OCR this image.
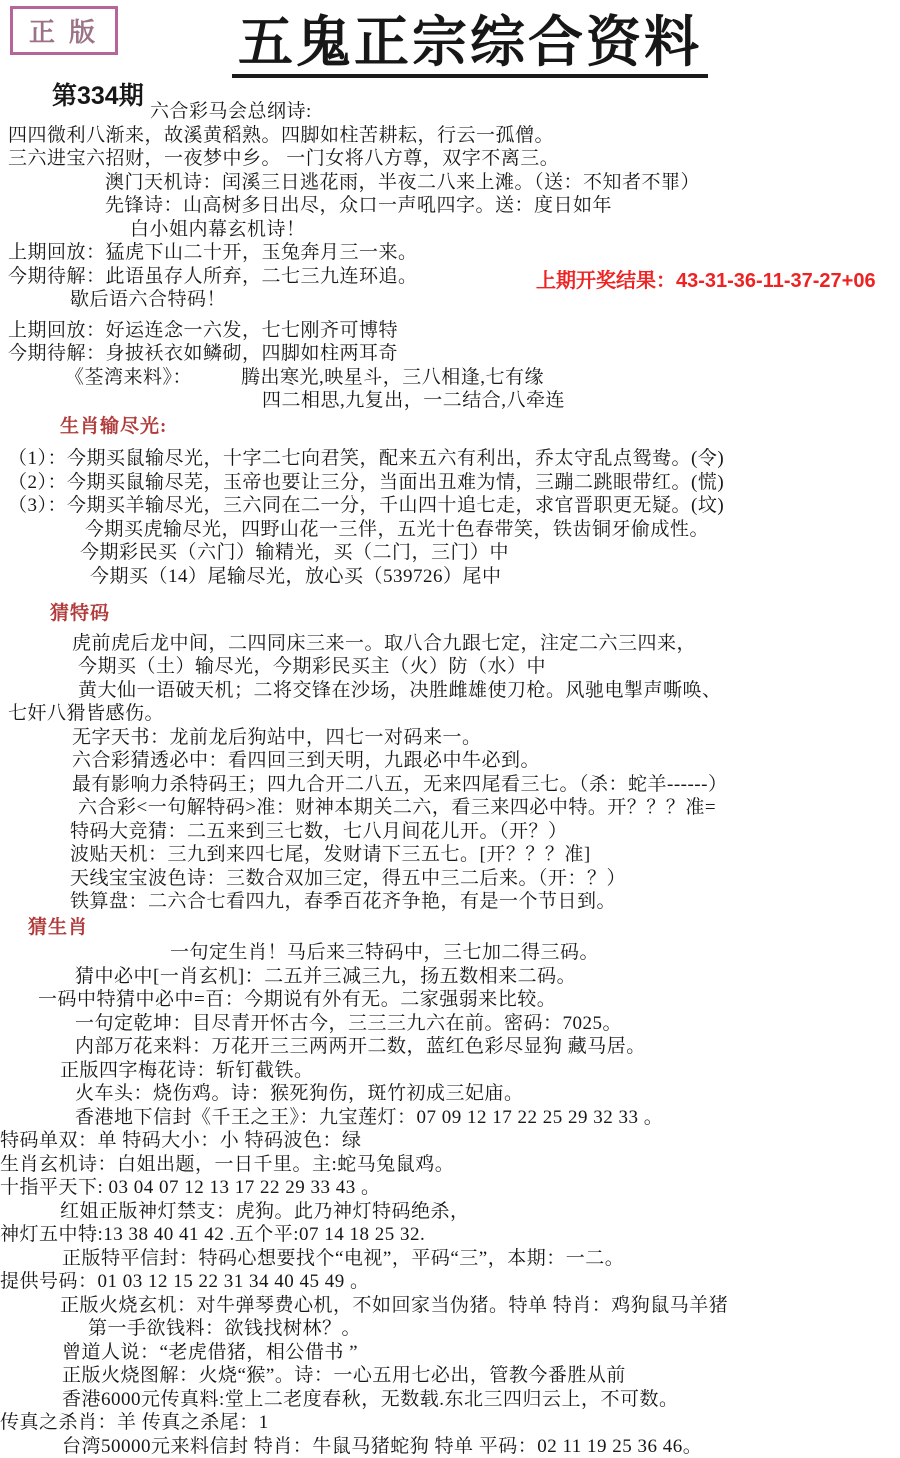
正版	五鬼正宗综合资料
第334期
上期开奖结果：43-31-36-11-37-27+06
六合彩马会总纲诗:
四四微利八渐来，故溪黄稻熟。四脚如柱苦耕耘，行云一孤僧。
三六进宝六招财，一夜梦中乡。 一门女将八方尊，双字不离三。
澳门天机诗：闰溪三日逃花雨，半夜二八来上滩。（送：不知者不罪）
先锋诗：山高树多日出尽，众口一声吼四字。送：度日如年
白小姐内幕玄机诗！
上期回放：猛虎下山二十开，玉兔奔月三一来。
今期待解：此语虽存人所弃，二七三九连环追。
歇后语六合特码！
上期回放：好运连念一六发，七七刚齐可博特
今期待解：身披袄衣如鳞砌，四脚如柱两耳奇
《荃湾来料》：　　　腾出寒光,映星斗，三八相逢,七有缘
四二相思,九复出，一二结合,八牵连
生肖输尽光:
（1）：今期买鼠输尽光，十字二七向君笑，配来五六有利出，乔太守乱点鸳鸯。(令)
（2）：今期买鼠输尽芜，玉帝也要让三分，当面出丑难为情，三蹦二跳眼带红。(慌)
（3）：今期买羊输尽光，三六同在二一分，千山四十追七走，求官晋职更无疑。(坟)
今期买虎输尽光，四野山花一三伴，五光十色春带笑，铁齿铜牙偷成性。
今期彩民买（六门）输精光，买（二门，三门）中
今期买（14）尾输尽光，放心买（539726）尾中
猜特码
虎前虎后龙中间，二四同床三来一。取八合九跟七定，注定二六三四来，
今期买（土）输尽光，今期彩民买主（火）防（水）中
黄大仙一语破天机；二将交锋在沙场，决胜雌雄使刀枪。风驰电掣声嘶唤、
七奸八猾皆感伤。
无字天书：龙前龙后狗站中，四七一对码来一。
六合彩猜透必中：看四回三到天明，九跟必中牛必到。
最有影响力杀特码王；四九合开二八五，无来四尾看三七。（杀：蛇羊------）
六合彩<一句解特码>准：财神本期关二六，看三来四必中特。开？？？准=
特码大竞猜：二五来到三七数，七八月间花儿开。（开？）
波贴天机：三九到来四七尾，发财请下三五七。[开？？？准]
天线宝宝波色诗：三数合双加三定，得五中三二后来。（开：？）
铁算盘：二六合七看四九，春季百花齐争艳，有是一个节日到。
猜生肖
一句定生肖！马后来三特码中，三七加二得三码。
猜中必中[一肖玄机]：二五并三减三九，扬五数相来二码。
一码中特猜中必中=百：今期说有外有无。二家强弱来比较。
一句定乾坤：目尽青开怀古今，三三三九六在前。密码：7025。
内部万花来料：万花开三三两两开二数，蓝红色彩尽显狗 藏马居。
正版四字梅花诗：斩钉截铁。
火车头：烧伤鸡。诗：猴死狗伤，斑竹初成三妃庙。
香港地下信封《千王之王》：九宝莲灯：07 09 12 17 22 25 29 32 33 。
特码单双：单 特码大小：小 特码波色：绿
生肖玄机诗：白姐出题，一日千里。主:蛇马兔鼠鸡。
十指平天下: 03 04 07 12 13 17 22 29 33 43 。
红姐正版神灯禁支：虎狗。此乃神灯特码绝杀，
神灯五中特:13 38 40 41 42 .五个平:07 14 18 25 32.
正版特平信封：特码心想要找个“电视”，平码“三”，本期：一二。
提供号码：01 03 12 15 22 31 34 40 45 49 。
正版火烧玄机：对牛弹琴费心机，不如回家当伪猪。特单 特肖：鸡狗鼠马羊猪
第一手欲钱料：欲钱找树林？。
曾道人说：“老虎借猪，相公借书 ”
正版火烧图解：火烧“猴”。诗：一心五用七必出，管教今番胜从前
香港6000元传真料:堂上二老度春秋，无数载.东北三四归云上，不可数。
传真之杀肖：羊 传真之杀尾：1
台湾50000元来料信封 特肖：牛鼠马猪蛇狗 特单 平码：02 11 19 25 36 46。
